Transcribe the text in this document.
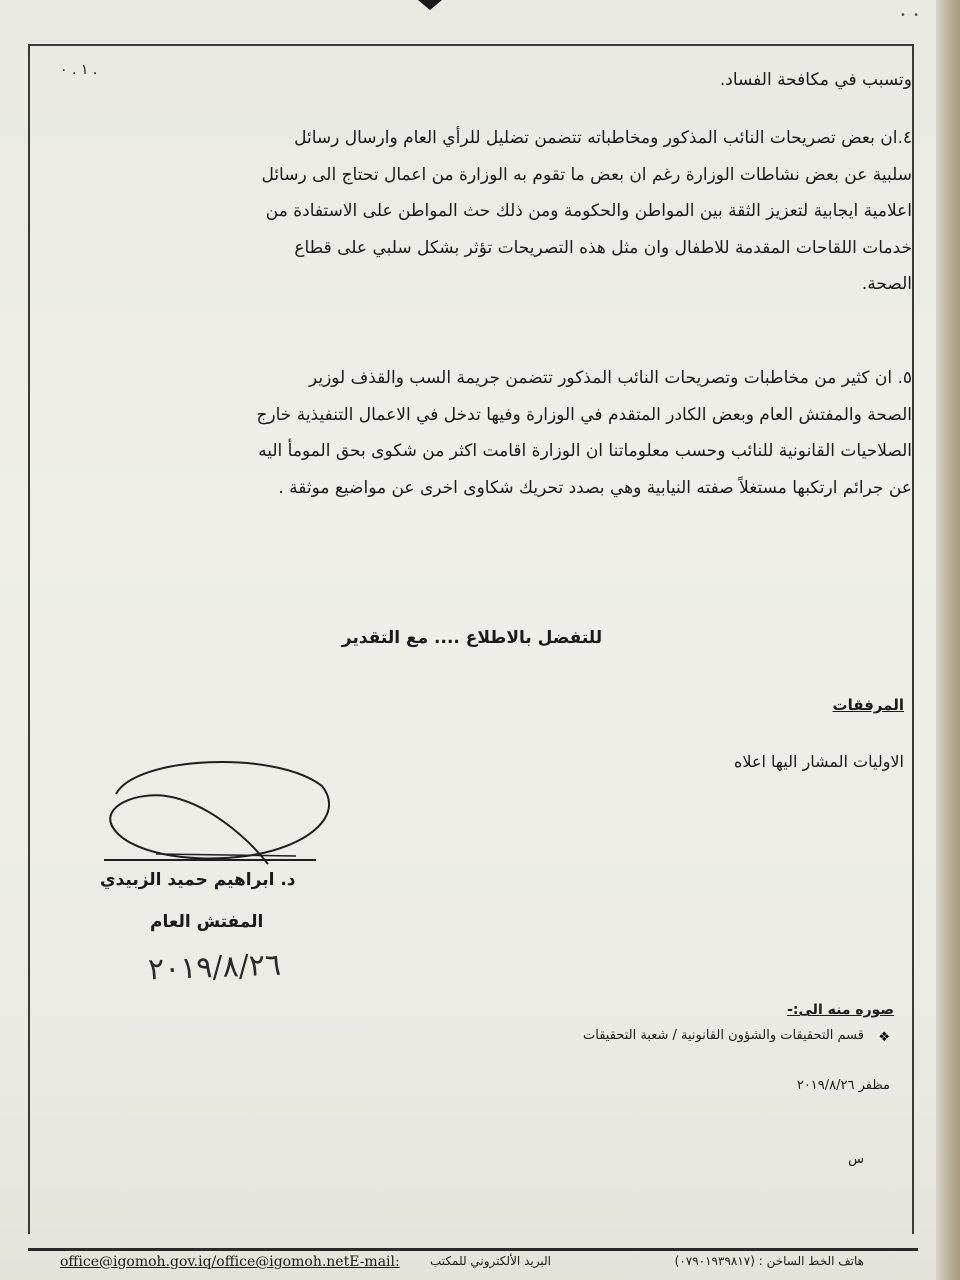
• •
١ . ٠ .	وتسبب في مكافحة الفساد.
٤.ان بعض تصريحات النائب المذكور ومخاطباته تتضمن تضليل للرأي العام وارسال رسائل
سلبية عن بعض نشاطات الوزارة رغم ان بعض ما تقوم به الوزارة من اعمال تحتاج الى رسائل
اعلامية ايجابية لتعزيز الثقة بين المواطن والحكومة ومن ذلك حث المواطن على الاستفادة من
خدمات اللقاحات المقدمة للاطفال وان مثل هذه التصريحات تؤثر بشكل سلبي على قطاع
الصحة.
٥. ان كثير من مخاطبات وتصريحات النائب المذكور تتضمن جريمة السب والقذف لوزير
الصحة والمفتش العام وبعض الكادر المتقدم في الوزارة وفيها تدخل في الاعمال التنفيذية خارج
الصلاحيات القانونية للنائب وحسب معلوماتنا ان الوزارة اقامت اكثر من شكوى بحق المومأ اليه
عن جرائم ارتكبها مستغلاً صفته النيابية وهي بصدد تحريك شكاوى اخرى عن مواضيع موثقة .
للتفضل بالاطلاع .... مع التقدير
المرفقات
الاوليات المشار اليها اعلاه
د. ابراهيم حميد الزبيدي
المفتش العام
٢٠١٩/٨/٢٦
صوره منه الى:-
❖
قسم التحقيقات والشؤون القانونية / شعبة التحقيقات
مظفر ٢٠١٩/٨/٢٦
س
هاتف الخط الساخن : (٠٧٩٠١٩٣٩٨١٧)
البريد الألكتروني للمكتب
office@igomoh.gov.iq/office@igomoh.netE-mail:
